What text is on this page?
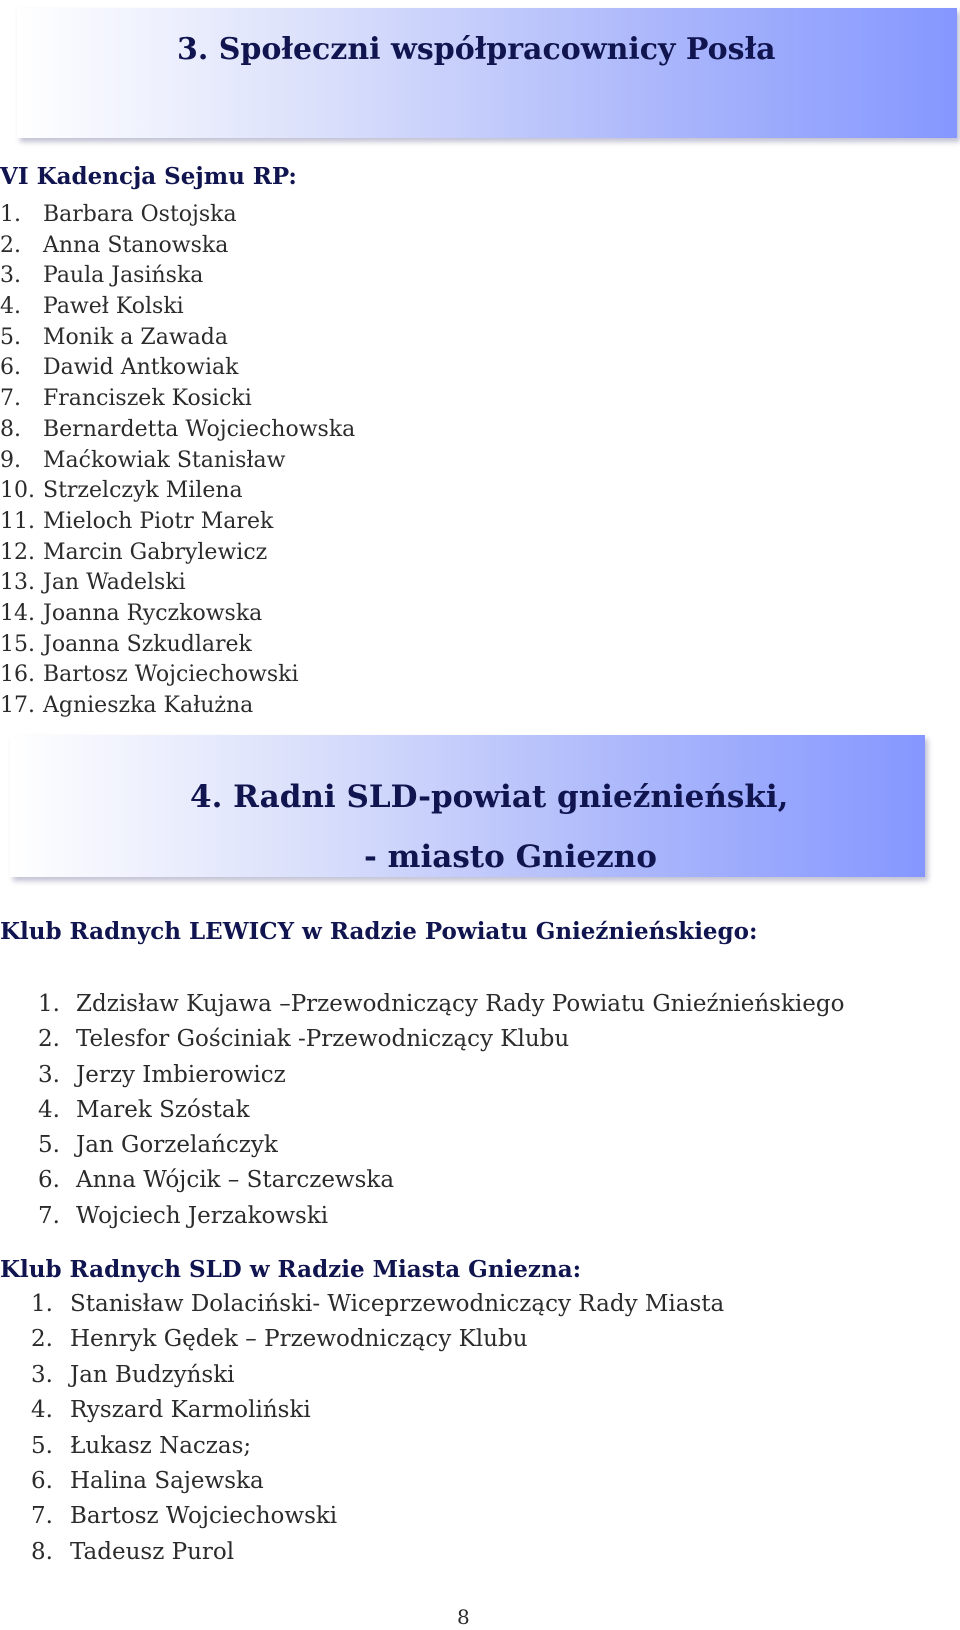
3. Społeczni współpracownicy Posła
VI Kadencja Sejmu RP:
1. Barbara Ostojska
2. Anna Stanowska
3. Paula Jasińska
4. Paweł Kolski
5. Monik a Zawada
6. Dawid Antkowiak
7. Franciszek Kosicki
8. Bernardetta Wojciechowska
9. Maćkowiak Stanisław
10. Strzelczyk Milena
11. Mieloch Piotr Marek
12. Marcin Gabrylewicz
13. Jan Wadelski
14. Joanna Ryczkowska
15. Joanna Szkudlarek
16. Bartosz Wojciechowski
17. Agnieszka Kałużna
4. Radni SLD-powiat gnieźnieński,
- miasto Gniezno
Klub Radnych LEWICY w Radzie Powiatu Gnieźnieńskiego:
1. Zdzisław Kujawa –Przewodniczący Rady Powiatu Gnieźnieńskiego
2. Telesfor Gościniak -Przewodniczący Klubu
3. Jerzy Imbierowicz
4. Marek Szóstak
5. Jan Gorzelańczyk
6. Anna Wójcik – Starczewska
7. Wojciech Jerzakowski
Klub Radnych SLD w Radzie Miasta Gniezna:
1. Stanisław Dolaciński- Wiceprzewodniczący Rady Miasta
2. Henryk Gędek – Przewodniczący Klubu
3. Jan Budzyński
4. Ryszard Karmoliński
5. Łukasz Naczas;
6. Halina Sajewska
7. Bartosz Wojciechowski
8. Tadeusz Purol
8
